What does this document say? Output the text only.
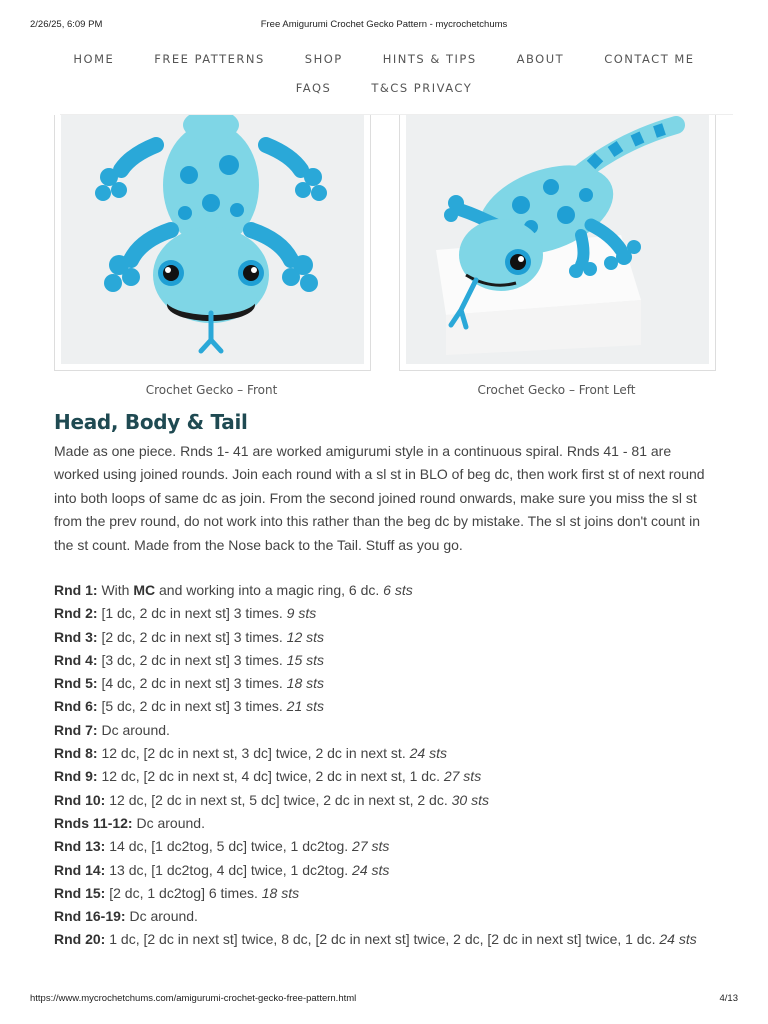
2/26/25, 6:09 PM	Free Amigurumi Crochet Gecko Pattern - mycrochetchums
HOME	FREE PATTERNS	SHOP	HINTS & TIPS	ABOUT	CONTACT ME
FAQS	T&CS PRIVACY
Crochet Gecko – Front	Crochet Gecko – Front Left
Head, Body & Tail

Made as one piece. Rnds 1- 41 are worked amigurumi style in a continuous spiral. Rnds 41 - 81 are worked using joined rounds. Join each round with a sl st in BLO of beg dc, then work first st of next round into both loops of same dc as join. From the second joined round onwards, make sure you miss the sl st from the prev round, do not work into this rather than the beg dc by mistake. The sl st joins don't count in the st count. Made from the Nose back to the Tail. Stuff as you go.

Rnd 1: With MC and working into a magic ring, 6 dc. 6 sts
Rnd 2: [1 dc, 2 dc in next st] 3 times. 9 sts
Rnd 3: [2 dc, 2 dc in next st] 3 times. 12 sts
Rnd 4: [3 dc, 2 dc in next st] 3 times. 15 sts
Rnd 5: [4 dc, 2 dc in next st] 3 times. 18 sts
Rnd 6: [5 dc, 2 dc in next st] 3 times. 21 sts
Rnd 7: Dc around.
Rnd 8: 12 dc, [2 dc in next st, 3 dc] twice, 2 dc in next st. 24 sts
Rnd 9: 12 dc, [2 dc in next st, 4 dc] twice, 2 dc in next st, 1 dc. 27 sts
Rnd 10: 12 dc, [2 dc in next st, 5 dc] twice, 2 dc in next st, 2 dc. 30 sts
Rnds 11-12: Dc around.
Rnd 13: 14 dc, [1 dc2tog, 5 dc] twice, 1 dc2tog. 27 sts
Rnd 14: 13 dc, [1 dc2tog, 4 dc] twice, 1 dc2tog. 24 sts
Rnd 15: [2 dc, 1 dc2tog] 6 times. 18 sts
Rnd 16-19: Dc around.
Rnd 20: 1 dc, [2 dc in next st] twice, 8 dc, [2 dc in next st] twice, 2 dc, [2 dc in next st] twice, 1 dc. 24 sts
https://www.mycrochetchums.com/amigurumi-crochet-gecko-free-pattern.html	4/13
